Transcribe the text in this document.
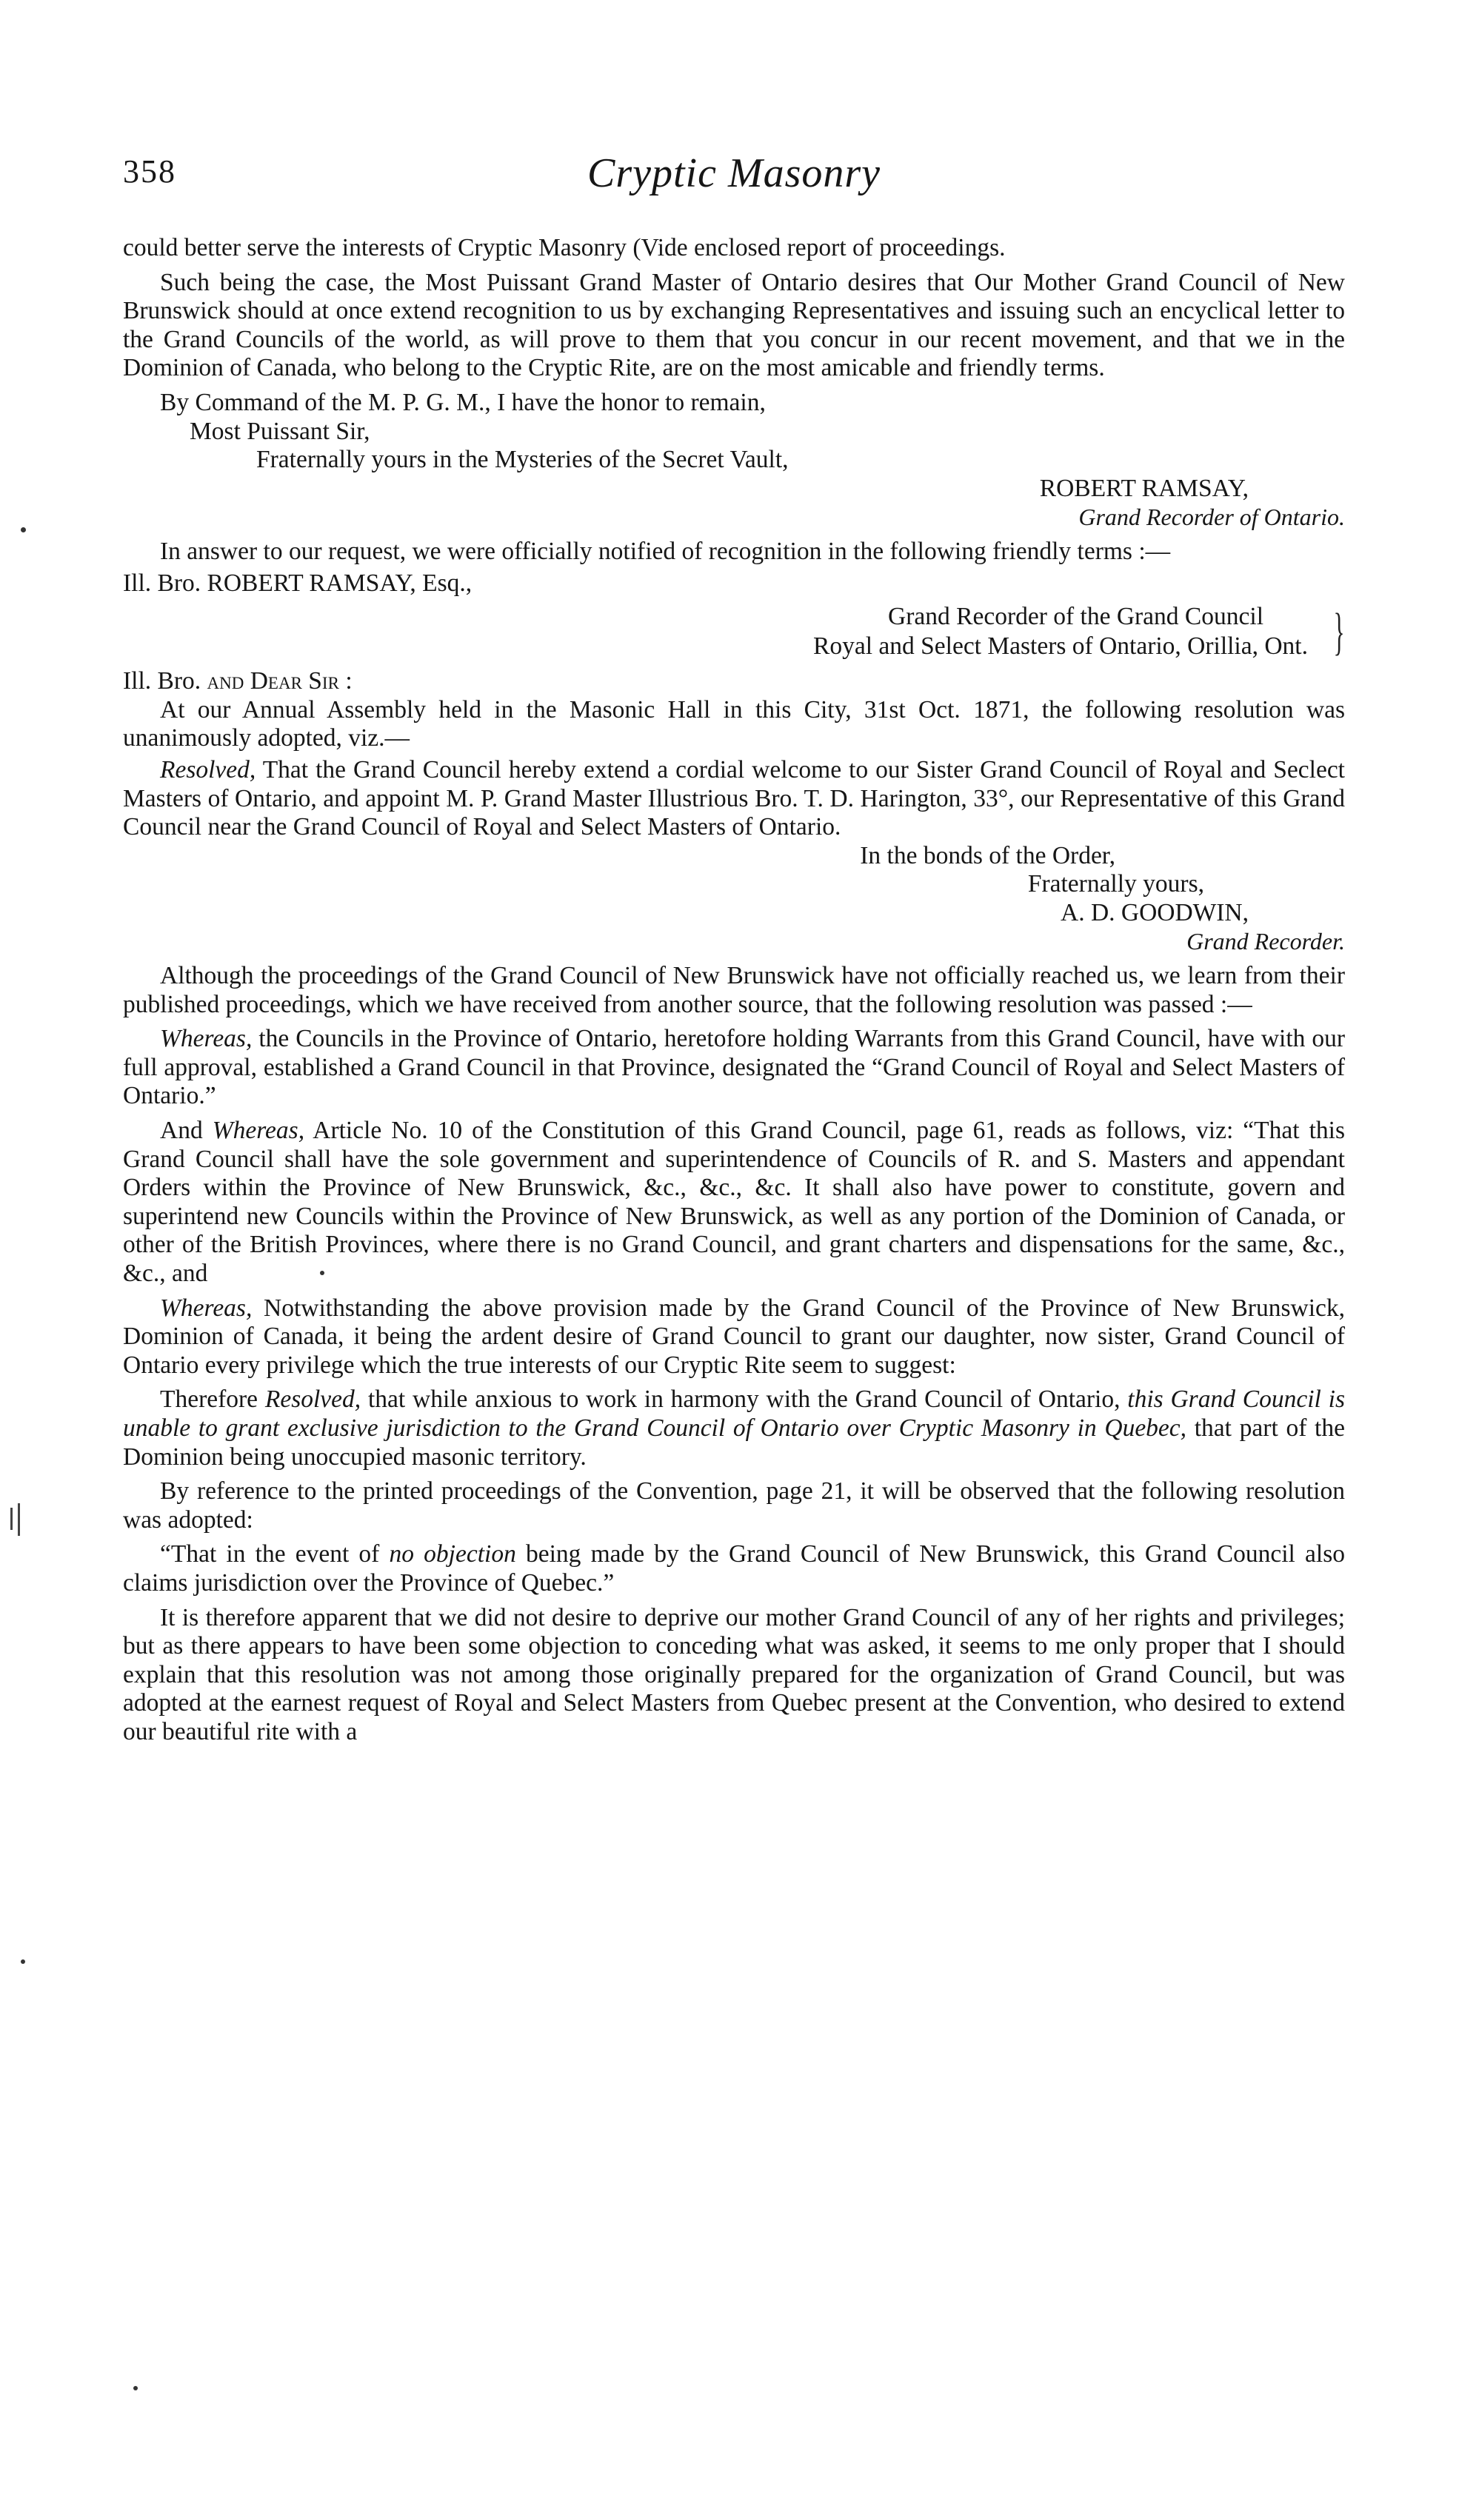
358	Cryptic Masonry

could better serve the interests of Cryptic Masonry (Vide enclosed report of proceedings.

Such being the case, the Most Puissant Grand Master of Ontario desires that Our Mother Grand Council of New Brunswick should at once extend recognition to us by exchanging Representatives and issuing such an encyclical letter to the Grand Councils of the world, as will prove to them that you concur in our recent movement, and that we in the Dominion of Canada, who belong to the Cryptic Rite, are on the most amicable and friendly terms.

By Command of the M. P. G. M., I have the honor to remain,

Most Puissant Sir,

Fraternally yours in the Mysteries of the Secret Vault,

ROBERT RAMSAY,

Grand Recorder of Ontario.

In answer to our request, we were officially notified of recognition in the following friendly terms :—

Ill. Bro. ROBERT RAMSAY, Esq.,

Grand Recorder of the Grand Council
Royal and Select Masters of Ontario, Orillia, Ont. }

Ill. Bro. and Dear Sir :

At our Annual Assembly held in the Masonic Hall in this City, 31st Oct. 1871, the following resolution was unanimously adopted, viz.—

Resolved, That the Grand Council hereby extend a cordial welcome to our Sister Grand Council of Royal and Seclect Masters of Ontario, and appoint M. P. Grand Master Illustrious Bro. T. D. Harington, 33°, our Representative of this Grand Council near the Grand Council of Royal and Select Masters of Ontario.

In the bonds of the Order,

Fraternally yours,

A. D. GOODWIN,

Grand Recorder.

Although the proceedings of the Grand Council of New Brunswick have not officially reached us, we learn from their published proceedings, which we have received from another source, that the following resolution was passed :—

Whereas, the Councils in the Province of Ontario, heretofore holding Warrants from this Grand Council, have with our full approval, established a Grand Council in that Province, designated the “Grand Council of Royal and Select Masters of Ontario.”

And Whereas, Article No. 10 of the Constitution of this Grand Council, page 61, reads as follows, viz: “That this Grand Council shall have the sole government and superintendence of Councils of R. and S. Masters and appendant Orders within the Province of New Brunswick, &c., &c., &c. It shall also have power to constitute, govern and superintend new Councils within the Province of New Brunswick, as well as any portion of the Dominion of Canada, or other of the British Provinces, where there is no Grand Council, and grant charters and dispensations for the same, &c., &c., and

Whereas, Notwithstanding the above provision made by the Grand Council of the Province of New Brunswick, Dominion of Canada, it being the ardent desire of Grand Council to grant our daughter, now sister, Grand Council of Ontario every privilege which the true interests of our Cryptic Rite seem to suggest:

Therefore Resolved, that while anxious to work in harmony with the Grand Council of Ontario, this Grand Council is unable to grant exclusive jurisdiction to the Grand Council of Ontario over Cryptic Masonry in Quebec, that part of the Dominion being unoccupied masonic territory.

By reference to the printed proceedings of the Convention, page 21, it will be observed that the following resolution was adopted:

“That in the event of no objection being made by the Grand Council of New Brunswick, this Grand Council also claims jurisdiction over the Province of Quebec.”

It is therefore apparent that we did not desire to deprive our mother Grand Council of any of her rights and privileges; but as there appears to have been some objection to conceding what was asked, it seems to me only proper that I should explain that this resolution was not among those originally prepared for the organization of Grand Council, but was adopted at the earnest request of Royal and Select Masters from Quebec present at the Convention, who desired to extend our beautiful rite with a
